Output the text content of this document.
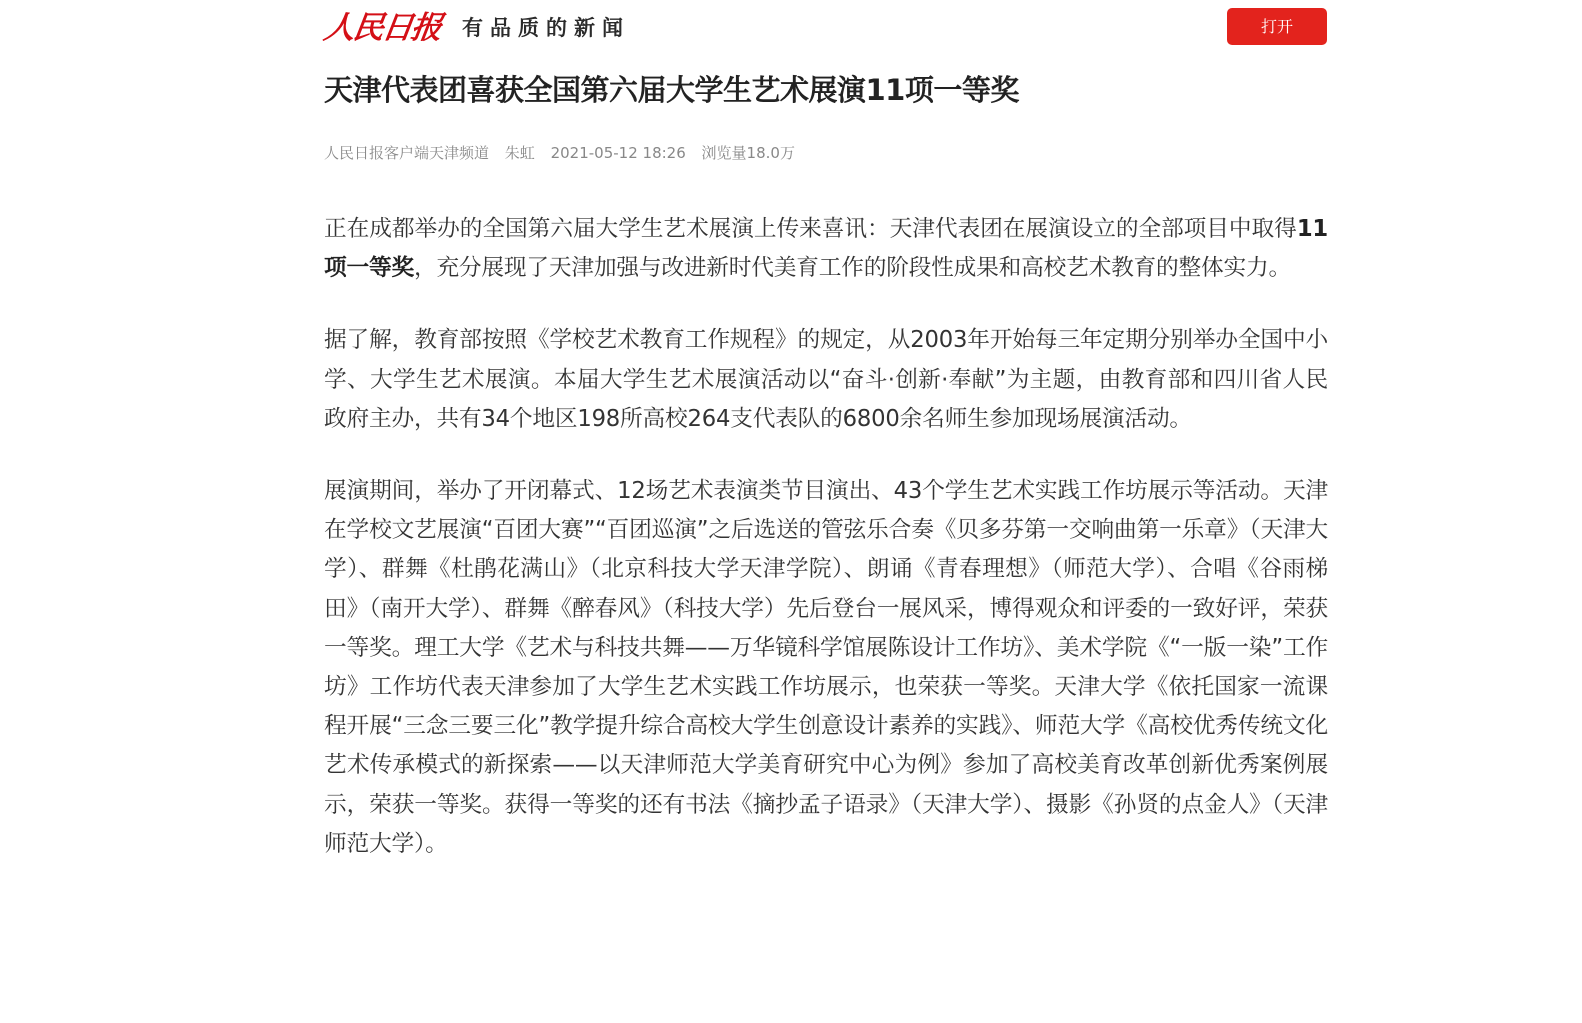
人民日报 有品质的新闻	打开
天津代表团喜获全国第六届大学生艺术展演11项一等奖
人民日报客户端天津频道 朱虹 2021-05-12 18:26 浏览量18.0万

正在成都举办的全国第六届大学生艺术展演上传来喜讯：天津代表团在展演设立的全部项目中取得11项一等奖，充分展现了天津加强与改进新时代美育工作的阶段性成果和高校艺术教育的整体实力。

据了解，教育部按照《学校艺术教育工作规程》的规定，从2003年开始每三年定期分别举办全国中小学、大学生艺术展演。本届大学生艺术展演活动以“奋斗·创新·奉献”为主题，由教育部和四川省人民政府主办，共有34个地区198所高校264支代表队的6800余名师生参加现场展演活动。

展演期间，举办了开闭幕式、12场艺术表演类节目演出、43个学生艺术实践工作坊展示等活动。天津在学校文艺展演“百团大赛”“百团巡演”之后选送的管弦乐合奏《贝多芬第一交响曲第一乐章》（天津大学）、群舞《杜鹃花满山》（北京科技大学天津学院）、朗诵《青春理想》（师范大学）、合唱《谷雨梯田》（南开大学）、群舞《醉春风》（科技大学）先后登台一展风采，博得观众和评委的一致好评，荣获一等奖。理工大学《艺术与科技共舞——万华镜科学馆展陈设计工作坊》、美术学院《“一版一染”工作坊》工作坊代表天津参加了大学生艺术实践工作坊展示，也荣获一等奖。天津大学《依托国家一流课程开展“三念三要三化”教学提升综合高校大学生创意设计素养的实践》、师范大学《高校优秀传统文化艺术传承模式的新探索——以天津师范大学美育研究中心为例》参加了高校美育改革创新优秀案例展示，荣获一等奖。获得一等奖的还有书法《摘抄孟子语录》（天津大学）、摄影《孙贤的点金人》（天津师范大学）。
